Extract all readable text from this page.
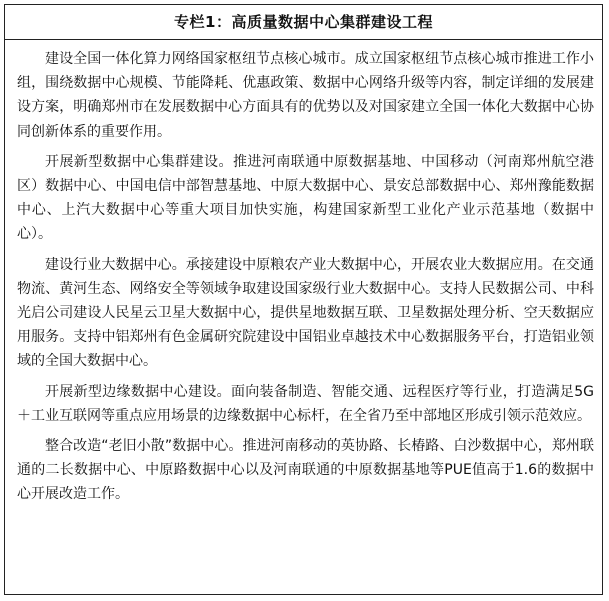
专栏1：高质量数据中心集群建设工程

建设全国一体化算力网络国家枢纽节点核心城市。成立国家枢纽节点核心城市推进工作小组，围绕数据中心规模、节能降耗、优惠政策、数据中心网络升级等内容，制定详细的发展建设方案，明确郑州市在发展数据中心方面具有的优势以及对国家建立全国一体化大数据中心协同创新体系的重要作用。

开展新型数据中心集群建设。推进河南联通中原数据基地、中国移动（河南郑州航空港区）数据中心、中国电信中部智慧基地、中原大数据中心、景安总部数据中心、郑州豫能数据中心、上汽大数据中心等重大项目加快实施，构建国家新型工业化产业示范基地（数据中心）。

建设行业大数据中心。承接建设中原粮农产业大数据中心，开展农业大数据应用。在交通物流、黄河生态、网络安全等领域争取建设国家级行业大数据中心。支持人民数据公司、中科光启公司建设人民星云卫星大数据中心，提供星地数据互联、卫星数据处理分析、空天数据应用服务。支持中铝郑州有色金属研究院建设中国铝业卓越技术中心数据服务平台，打造铝业领域的全国大数据中心。

开展新型边缘数据中心建设。面向装备制造、智能交通、远程医疗等行业，打造满足5G＋工业互联网等重点应用场景的边缘数据中心标杆，在全省乃至中部地区形成引领示范效应。

整合改造“老旧小散”数据中心。推进河南移动的英协路、长椿路、白沙数据中心，郑州联通的二长数据中心、中原路数据中心以及河南联通的中原数据基地等PUE值高于1.6的数据中心开展改造工作。
